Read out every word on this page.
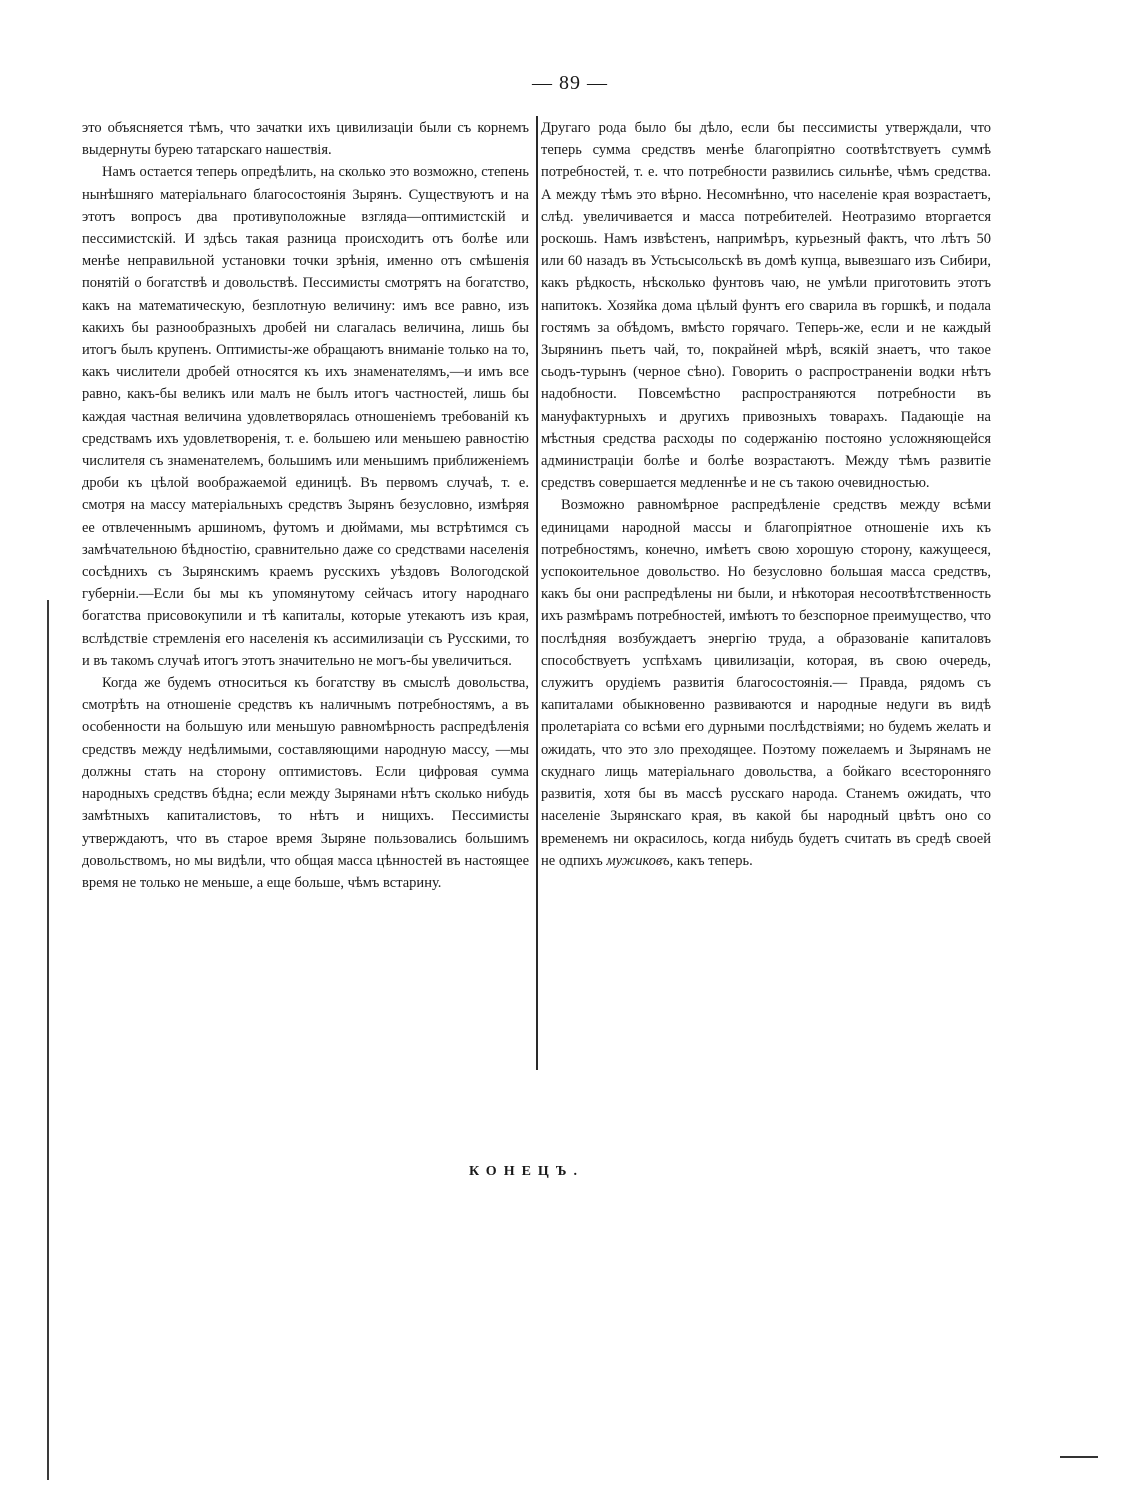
— 89 —

это объясняется тѣмъ, что зачатки ихъ цивилизаціи были съ корнемъ выдернуты бурею татарскаго нашествія.

Намъ остается теперь опредѣлить, на сколько это возможно, степень нынѣшняго матеріальнаго благосостоянія Зырянъ. Существуютъ и на этотъ вопросъ два противуположные взгляда—оптимистскій и пессимистскій. И здѣсь такая разница происходитъ отъ болѣе или менѣе неправильной установки точки зрѣнія, именно отъ смѣшенія понятій о богатствѣ и довольствѣ. Пессимисты смотрятъ на богатство, какъ на математическую, безплотную величину: имъ все равно, изъ какихъ бы разнообразныхъ дробей ни слагалась величина, лишь бы итогъ былъ крупенъ. Оптимисты-же обращаютъ вниманіе только на то, какъ числители дробей относятся къ ихъ знаменателямъ,—и имъ все равно, какъ-бы великъ или малъ не былъ итогъ частностей, лишь бы каждая частная величина удовлетворялась отношеніемъ требованій къ средствамъ ихъ удовлетворенія, т. е. большею или меньшею равностію числителя съ знаменателемъ, большимъ или меньшимъ приближеніемъ дроби къ цѣлой воображаемой единицѣ. Въ первомъ случаѣ, т. е. смотря на массу матеріальныхъ средствъ Зырянъ безусловно, измѣряя ее отвлеченнымъ аршиномъ, футомъ и дюймами, мы встрѣтимся съ замѣчательною бѣдностію, сравнительно даже со средствами населенія сосѣднихъ съ Зырянскимъ краемъ русскихъ уѣздовъ Вологодской губерніи.—Если бы мы къ упомянутому сейчасъ итогу народнаго богатства присовокупили и тѣ капиталы, которые утекаютъ изъ края, вслѣдствіе стремленія его населенія къ ассимилизаціи съ Русскими, то и въ такомъ случаѣ итогъ этотъ значительно не могъ-бы увеличиться.

Когда же будемъ относиться къ богатству въ смыслѣ довольства, смотрѣть на отношеніе средствъ къ наличнымъ потребностямъ, а въ особенности на большую или меньшую равномѣрность распредѣленія средствъ между недѣлимыми, составляющими народную массу, —мы должны стать на сторону оптимистовъ. Если цифровая сумма народныхъ средствъ бѣдна; если между Зырянами нѣтъ сколько нибудь замѣтныхъ капиталистовъ, то нѣтъ и нищихъ. Пессимисты утверждаютъ, что въ старое время Зыряне пользовались большимъ довольствомъ, но мы видѣли, что общая масса цѣнностей въ настоящее время не только не меньше, а еще больше, чѣмъ встарину.

Другаго рода было бы дѣло, если бы пессимисты утверждали, что теперь сумма средствъ менѣе благопріятно соотвѣтствуетъ суммѣ потребностей, т. е. что потребности развились сильнѣе, чѣмъ средства. А между тѣмъ это вѣрно. Несомнѣнно, что населеніе края возрастаетъ, слѣд. увеличивается и масса потребителей. Неотразимо вторгается роскошь. Намъ извѣстенъ, напримѣръ, курьезный фактъ, что лѣтъ 50 или 60 назадъ въ Устьсысольскѣ въ домѣ купца, вывезшаго изъ Сибири, какъ рѣдкость, нѣсколько фунтовъ чаю, не умѣли приготовить этотъ напитокъ. Хозяйка дома цѣлый фунтъ его сварила въ горшкѣ, и подала гостямъ за обѣдомъ, вмѣсто горячаго. Теперь-же, если и не каждый Зырянинъ пьетъ чай, то, покрайней мѣрѣ, всякій знаетъ, что такое сьодъ-турынъ (черное сѣно). Говорить о распространеніи водки нѣтъ надобности. Повсемѣстно распространяются потребности въ мануфактурныхъ и другихъ привозныхъ товарахъ. Падающіе на мѣстныя средства расходы по содержанію постояно усложняющейся администраціи болѣе и болѣе возрастаютъ. Между тѣмъ развитіе средствъ совершается медленнѣе и не съ такою очевидностью.

Возможно равномѣрное распредѣленіе средствъ между всѣми единицами народной массы и благопріятное отношеніе ихъ къ потребностямъ, конечно, имѣетъ свою хорошую сторону, кажущееся, успокоительное довольство. Но безусловно большая масса средствъ, какъ бы они распредѣлены ни были, и нѣкоторая несоотвѣтственность ихъ размѣрамъ потребностей, имѣютъ то безспорное преимущество, что послѣдняя возбуждаетъ энергію труда, а образованіе капиталовъ способствуетъ успѣхамъ цивилизаціи, которая, въ свою очередь, служитъ орудіемъ развитія благосостоянія.— Правда, рядомъ съ капиталами обыкновенно развиваются и народные недуги въ видѣ пролетаріата со всѣми его дурными послѣдствіями; но будемъ желать и ожидать, что это зло преходящее. Поэтому пожелаемъ и Зырянамъ не скуднаго лищь матеріальнаго довольства, а бойкаго всесторонняго развитія, хотя бы въ массѣ русскаго народа. Станемъ ожидать, что населеніе Зырянскаго края, въ какой бы народный цвѣтъ оно со временемъ ни окрасилось, когда нибудь будетъ считать въ средѣ своей не одпихъ мужиковъ, какъ теперь.

КОНЕЦЪ.
